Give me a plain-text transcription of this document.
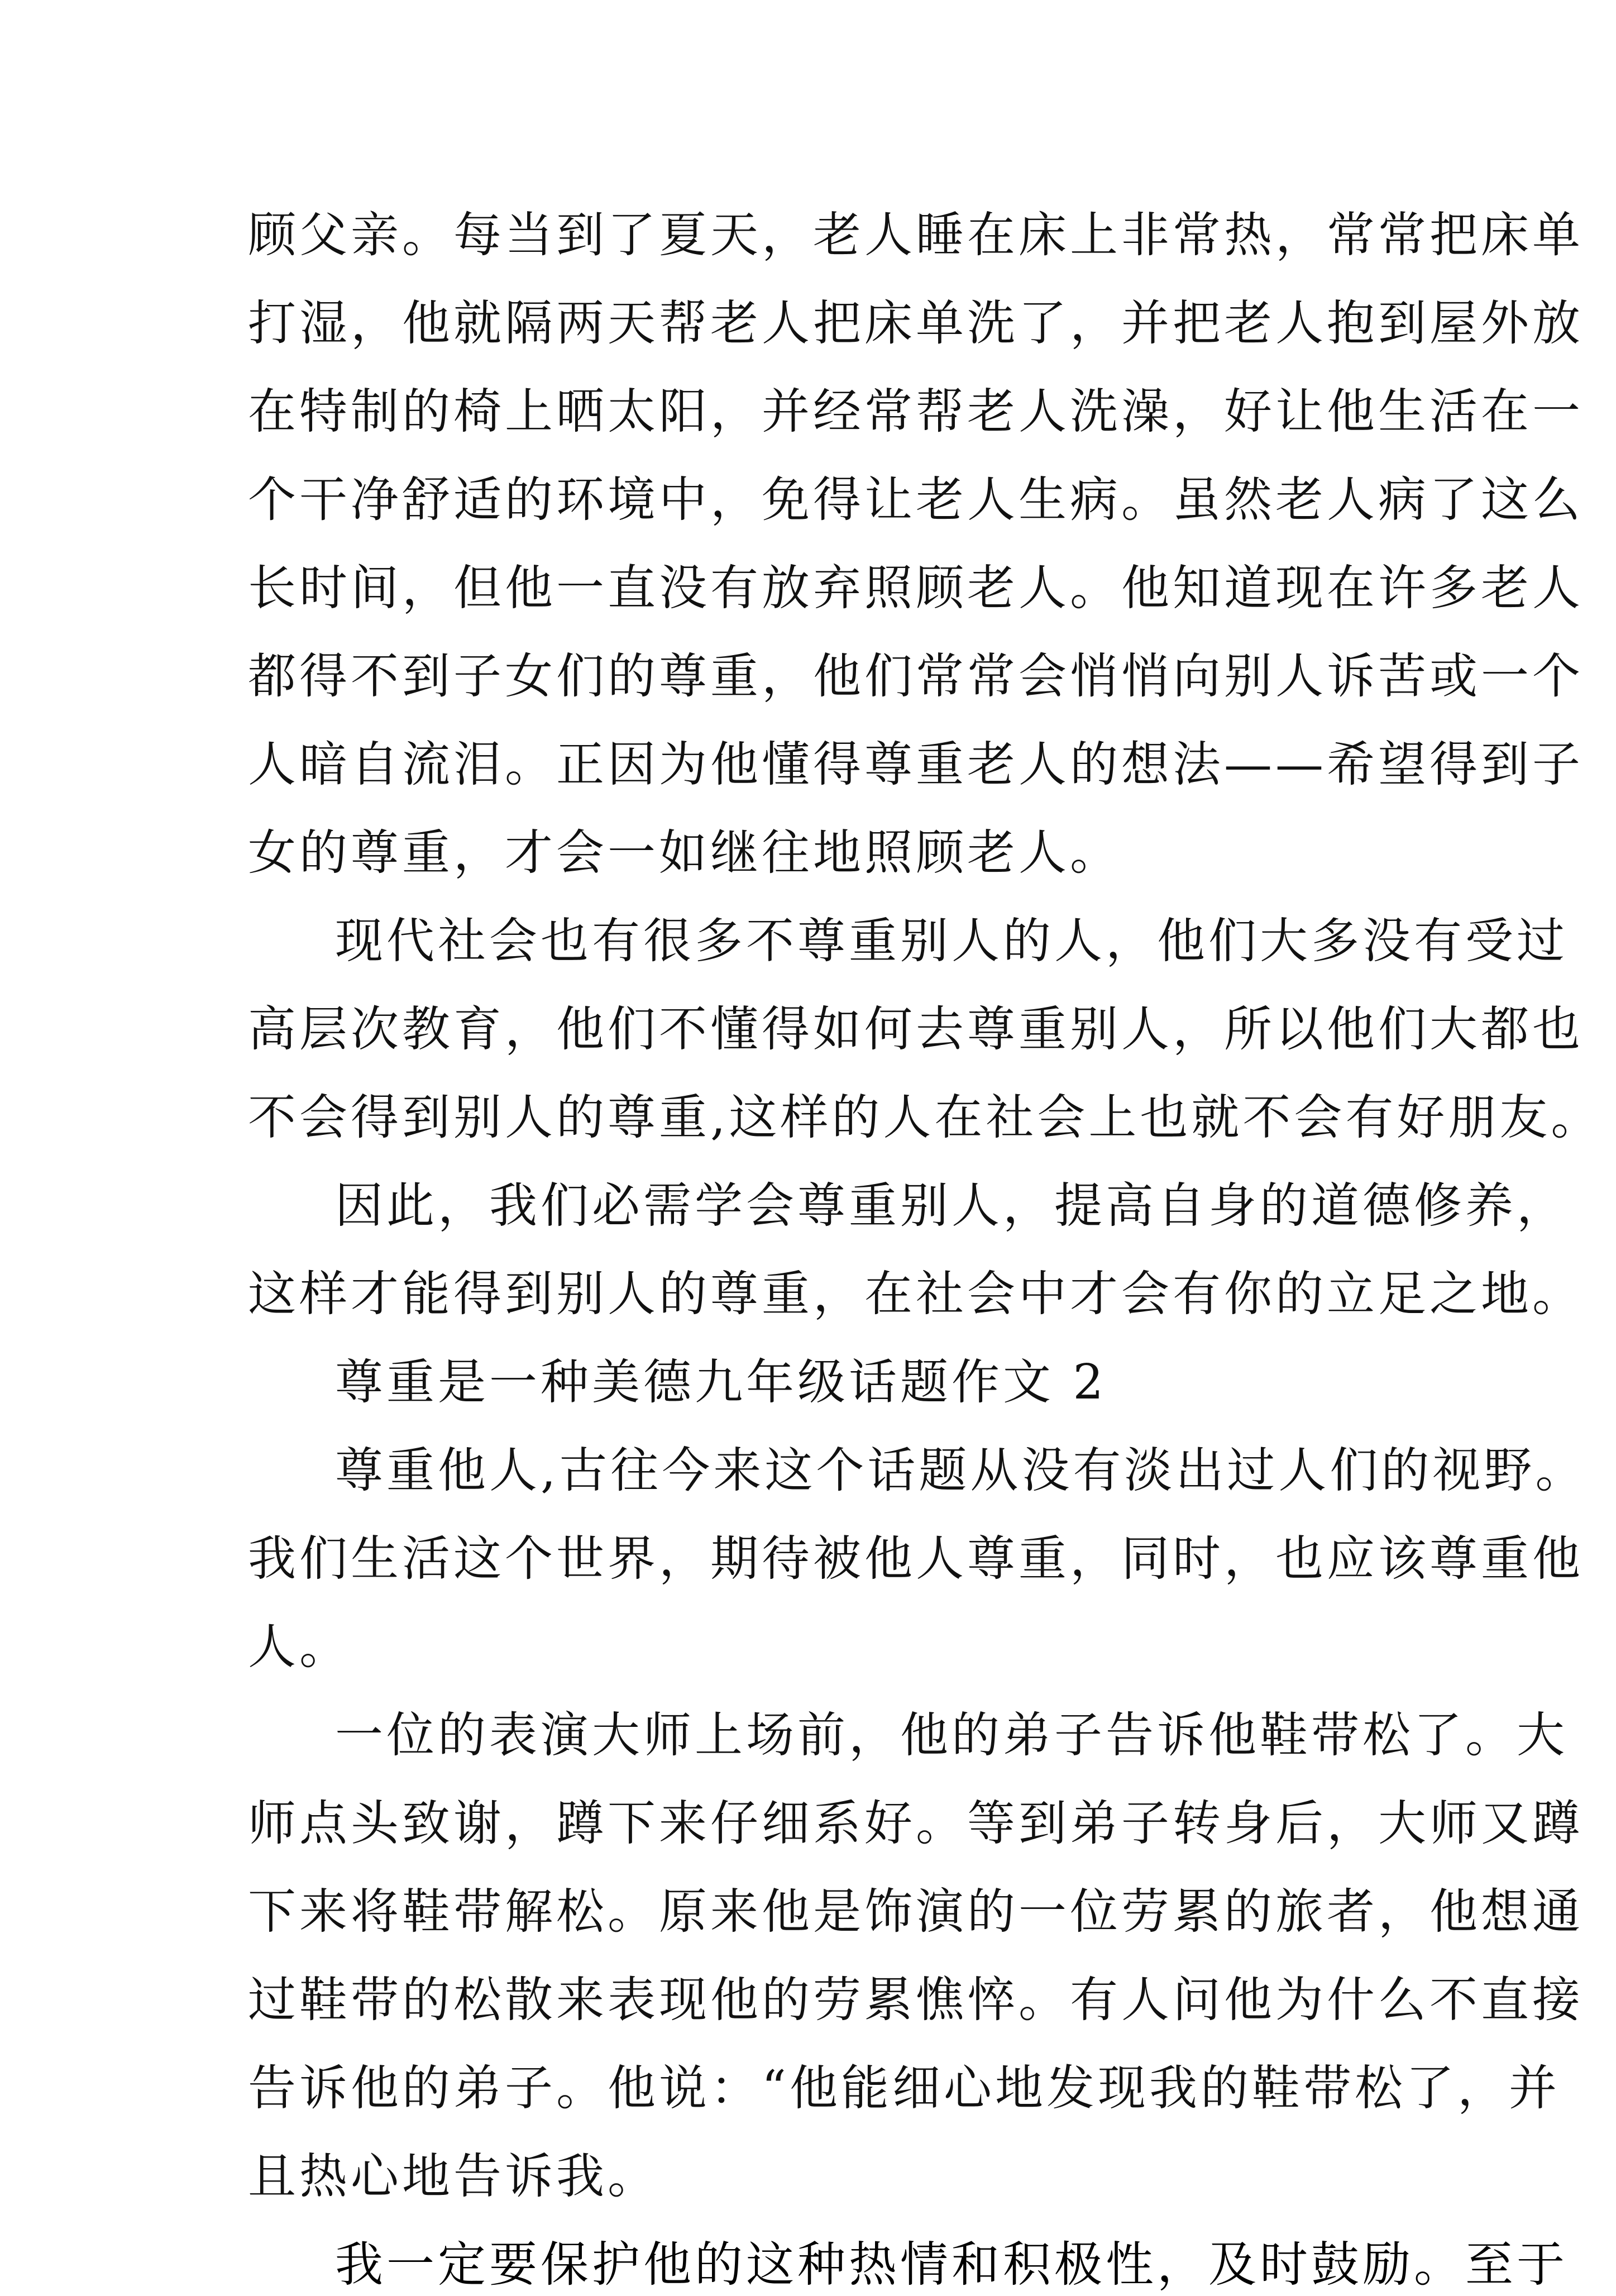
顾父亲。每当到了夏天，老人睡在床上非常热，常常把床单
打湿，他就隔两天帮老人把床单洗了，并把老人抱到屋外放
在特制的椅上晒太阳，并经常帮老人洗澡，好让他生活在一
个干净舒适的环境中，免得让老人生病。虽然老人病了这么
长时间，但他一直没有放弃照顾老人。他知道现在许多老人
都得不到子女们的尊重，他们常常会悄悄向别人诉苦或一个
人暗自流泪。正因为他懂得尊重老人的想法——希望得到子
女的尊重，才会一如继往地照顾老人。
现代社会也有很多不尊重别人的人，他们大多没有受过
高层次教育，他们不懂得如何去尊重别人，所以他们大都也
不会得到别人的尊重,这样的人在社会上也就不会有好朋友。
因此，我们必需学会尊重别人，提高自身的道德修养，
这样才能得到别人的尊重，在社会中才会有你的立足之地。
尊重是一种美德九年级话题作文 2
尊重他人,古往今来这个话题从没有淡出过人们的视野。
我们生活这个世界，期待被他人尊重，同时，也应该尊重他
人。
一位的表演大师上场前，他的弟子告诉他鞋带松了。大
师点头致谢，蹲下来仔细系好。等到弟子转身后，大师又蹲
下来将鞋带解松。原来他是饰演的一位劳累的旅者，他想通
过鞋带的松散来表现他的劳累憔悴。有人问他为什么不直接
告诉他的弟子。他说：“他能细心地发现我的鞋带松了，并
且热心地告诉我。
我一定要保护他的这种热情和积极性，及时鼓励。至于
